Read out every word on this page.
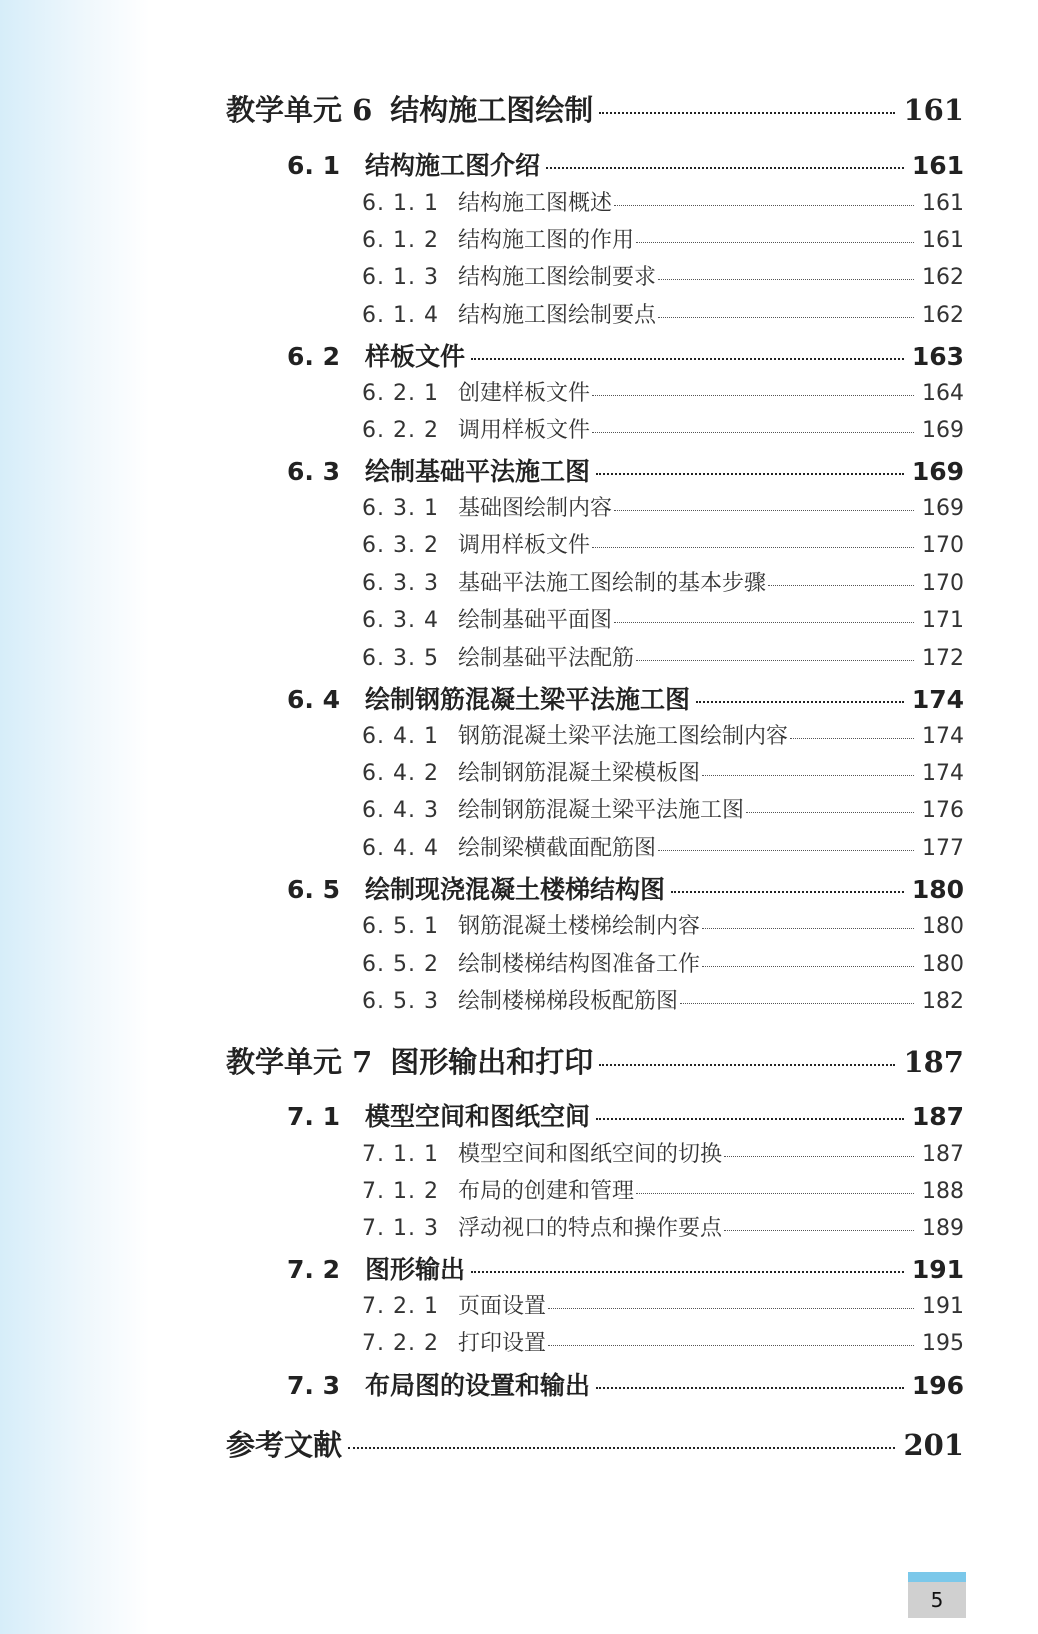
教学单元 6 结构施工图绘制	161
6. 1	结构施工图介绍	161
6. 1. 1 结构施工图概述	161
6. 1. 2 结构施工图的作用	161
6. 1. 3 结构施工图绘制要求	162
6. 1. 4 结构施工图绘制要点	162
6. 2	样板文件	163
6. 2. 1 创建样板文件	164
6. 2. 2 调用样板文件	169
6. 3	绘制基础平法施工图	169
6. 3. 1 基础图绘制内容	169
6. 3. 2 调用样板文件	170
6. 3. 3 基础平法施工图绘制的基本步骤	170
6. 3. 4 绘制基础平面图	171
6. 3. 5 绘制基础平法配筋	172
6. 4	绘制钢筋混凝土梁平法施工图	174
6. 4. 1 钢筋混凝土梁平法施工图绘制内容	174
6. 4. 2 绘制钢筋混凝土梁模板图	174
6. 4. 3 绘制钢筋混凝土梁平法施工图	176
6. 4. 4 绘制梁横截面配筋图	177
6. 5	绘制现浇混凝土楼梯结构图	180
6. 5. 1 钢筋混凝土楼梯绘制内容	180
6. 5. 2 绘制楼梯结构图准备工作	180
6. 5. 3 绘制楼梯梯段板配筋图	182
教学单元 7 图形输出和打印	187
7. 1	模型空间和图纸空间	187
7. 1. 1 模型空间和图纸空间的切换	187
7. 1. 2 布局的创建和管理	188
7. 1. 3 浮动视口的特点和操作要点	189
7. 2	图形输出	191
7. 2. 1 页面设置	191
7. 2. 2 打印设置	195
7. 3	布局图的设置和输出	196
参考文献	201
5
